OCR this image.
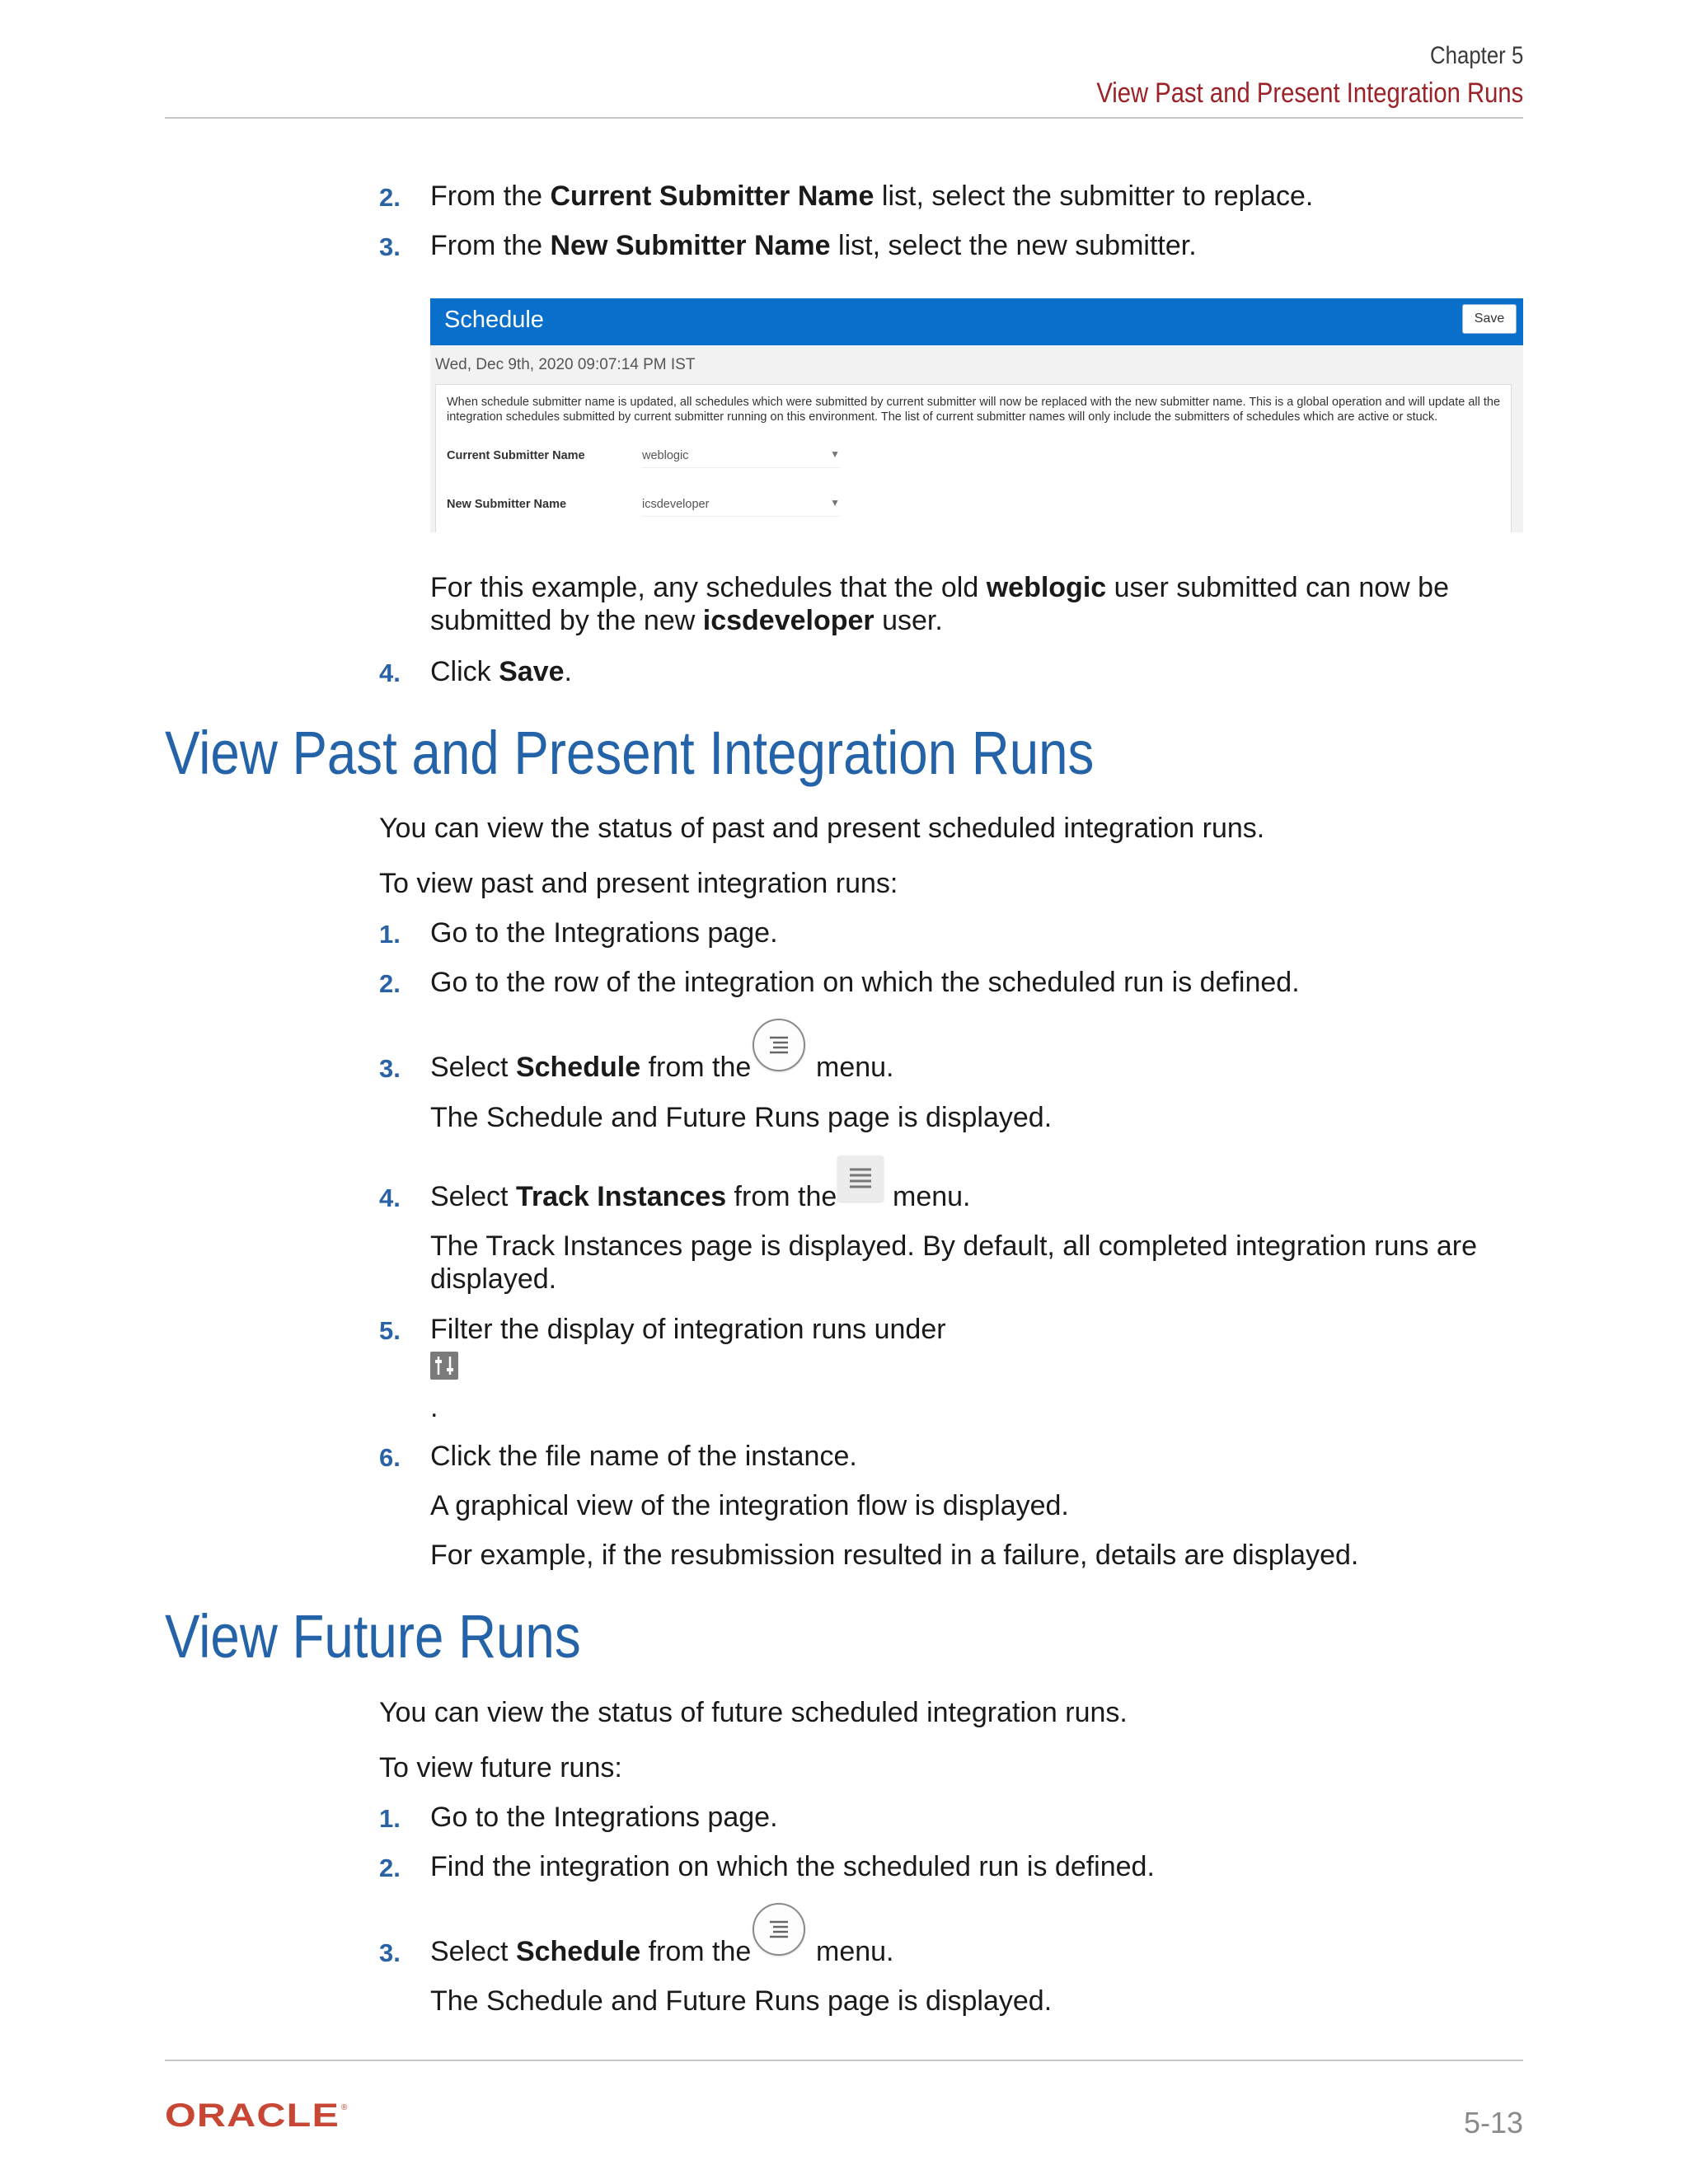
Chapter 5
View Past and Present Integration Runs
2. From the Current Submitter Name list, select the submitter to replace.
3. From the New Submitter Name list, select the new submitter.
Schedule	Save
Wed, Dec 9th, 2020 09:07:14 PM IST
When schedule submitter name is updated, all schedules which were submitted by current submitter will now be replaced with the new submitter name. This is a global operation and will update all the integration schedules submitted by current submitter running on this environment. The list of current submitter names will only include the submitters of schedules which are active or stuck.
Current Submitter Name	weblogic	▼
New Submitter Name	icsdeveloper	▼
For this example, any schedules that the old weblogic user submitted can now be
submitted by the new icsdeveloper user.
4. Click Save.
View Past and Present Integration Runs
You can view the status of past and present scheduled integration runs.
To view past and present integration runs:
1. Go to the Integrations page.
2. Go to the row of the integration on which the scheduled run is defined.
3. Select Schedule from the menu.
The Schedule and Future Runs page is displayed.
4. Select Track Instances from the menu.
The Track Instances page is displayed. By default, all completed integration runs are
displayed.
5. Filter the display of integration runs under
.
6. Click the file name of the instance.
A graphical view of the integration flow is displayed.
For example, if the resubmission resulted in a failure, details are displayed.
View Future Runs
You can view the status of future scheduled integration runs.
To view future runs:
1. Go to the Integrations page.
2. Find the integration on which the scheduled run is defined.
3. Select Schedule from the menu.
The Schedule and Future Runs page is displayed.
ORACLE ®	5-13
